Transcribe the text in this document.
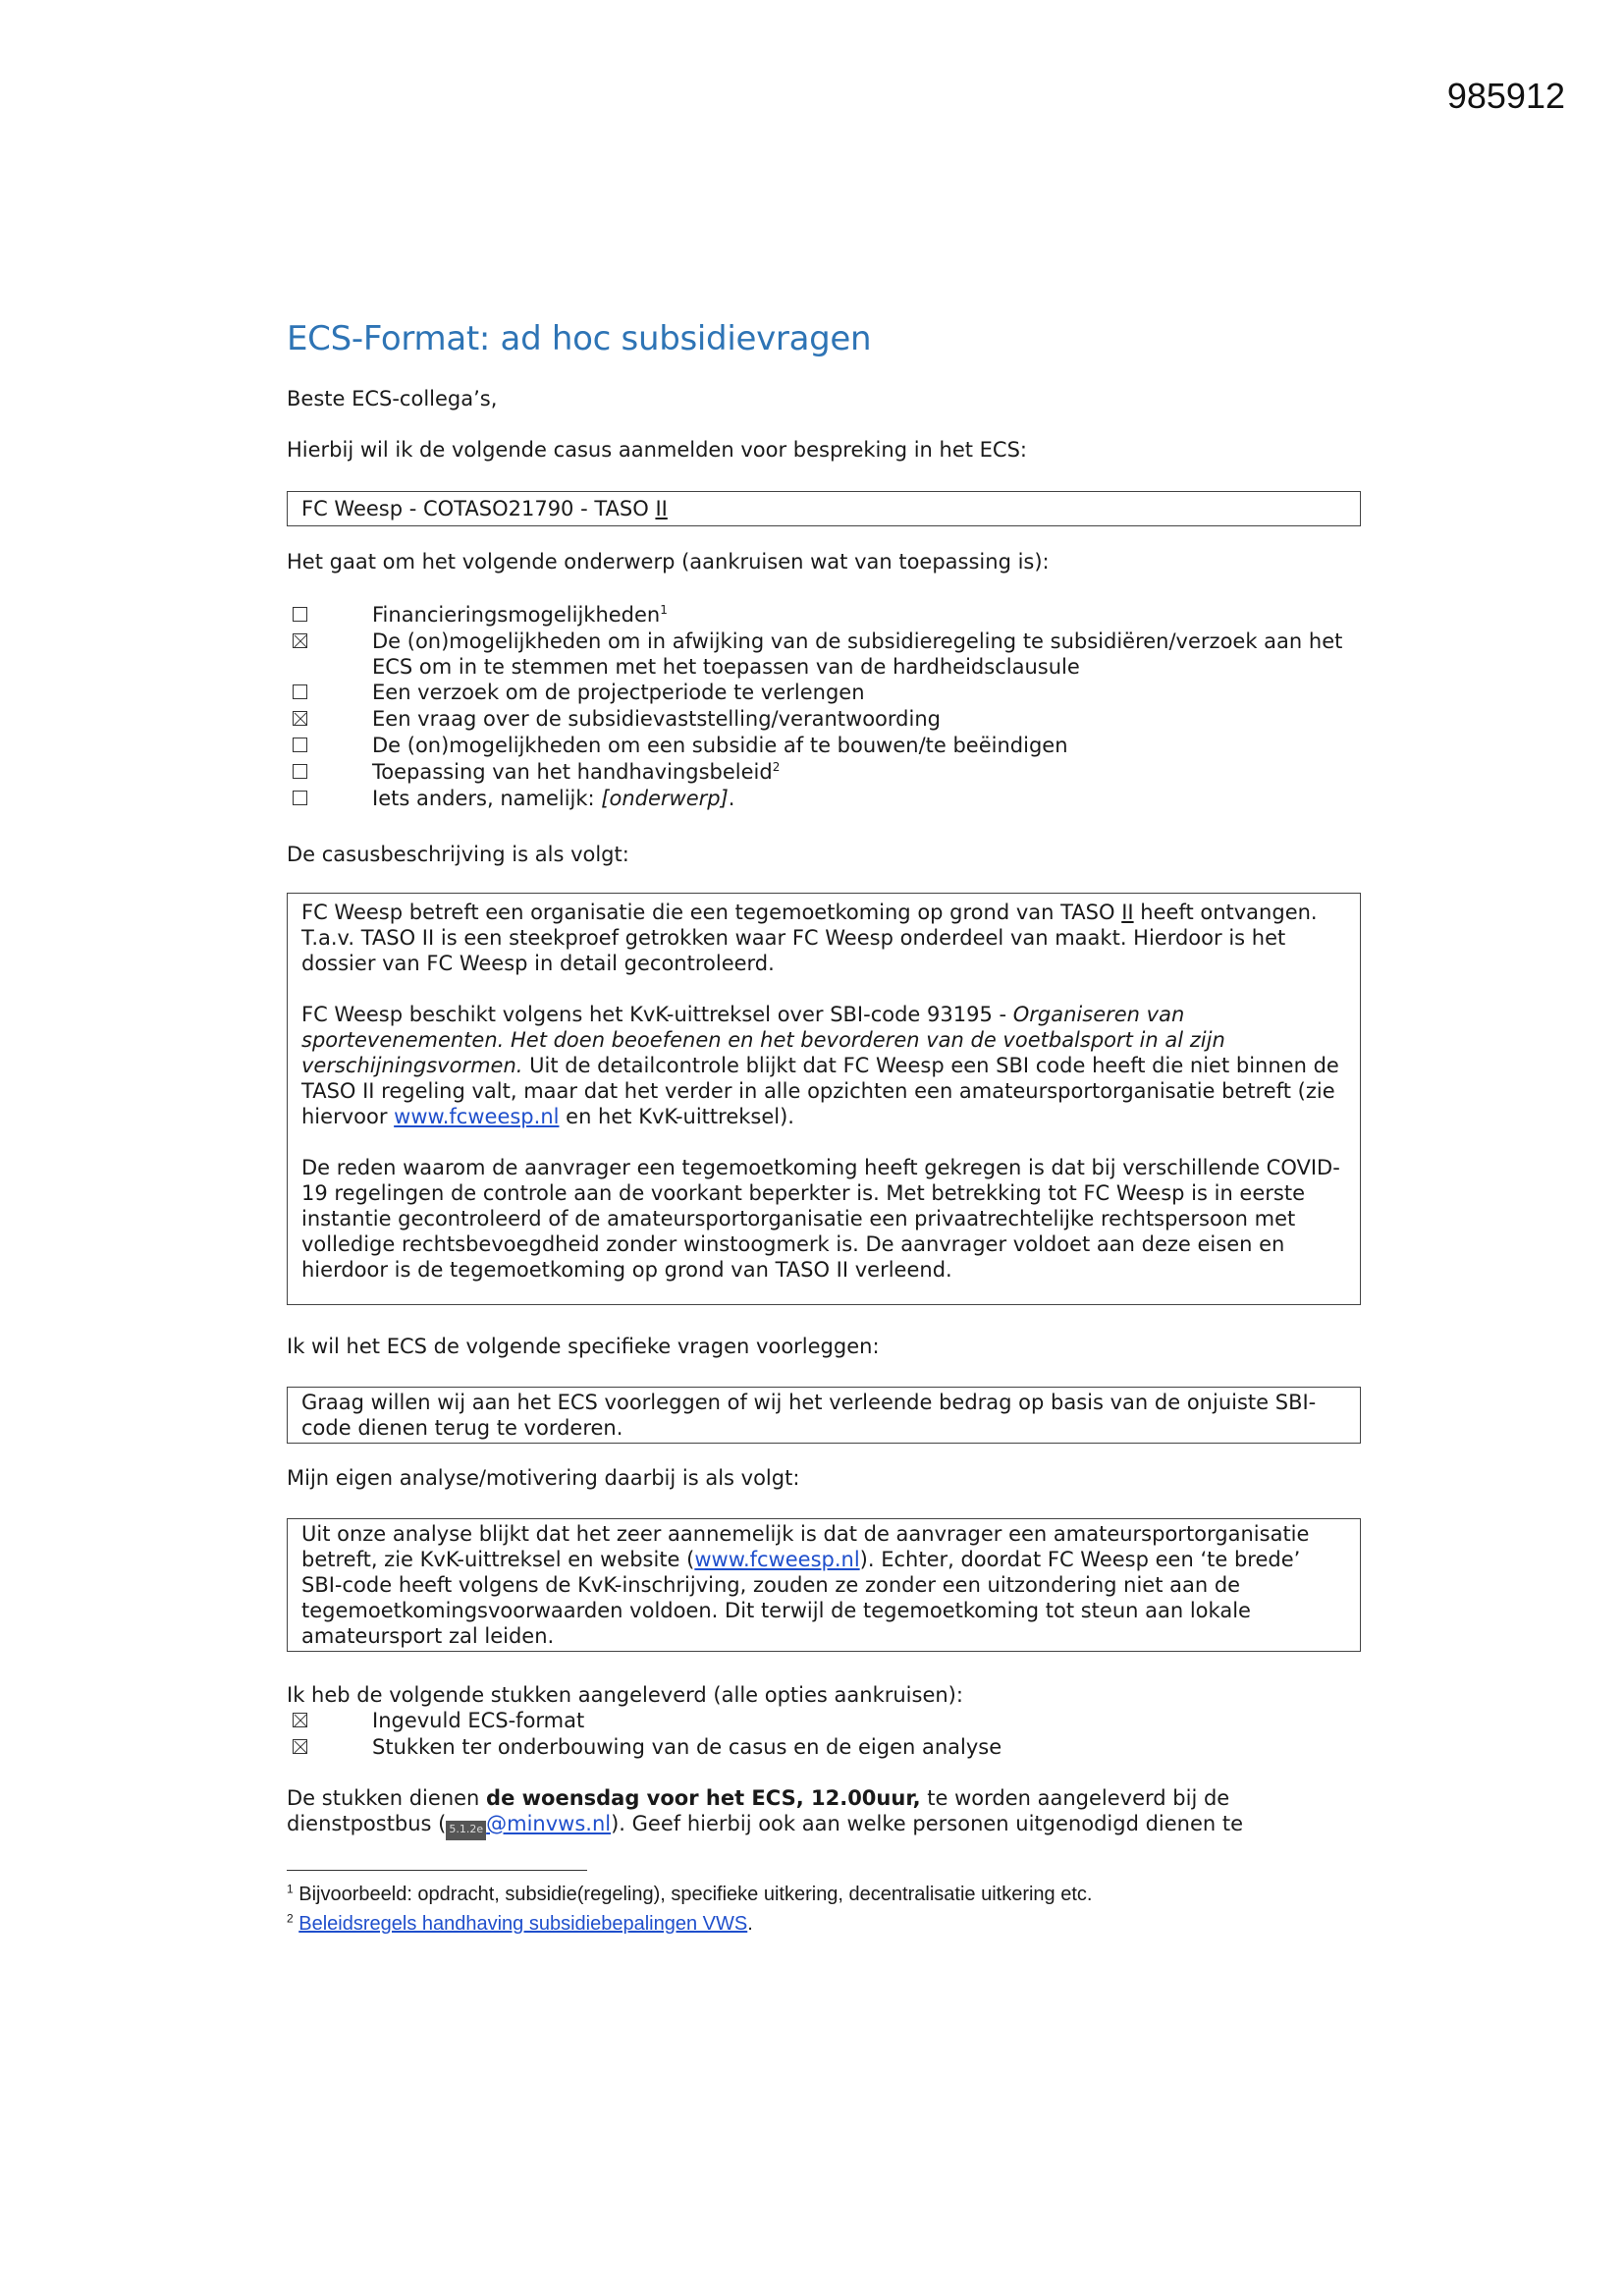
985912
ECS-Format: ad hoc subsidievragen
Beste ECS-collega’s,
Hierbij wil ik de volgende casus aanmelden voor bespreking in het ECS:
FC Weesp - COTASO21790 - TASO II
Het gaat om het volgende onderwerp (aankruisen wat van toepassing is):
Financieringsmogelijkheden$^1$
De (on)mogelijkheden om in afwijking van de subsidieregeling te subsidiëren/verzoek aan het ECS om in te stemmen met het toepassen van de hardheidsclausule
Een verzoek om de projectperiode te verlengen
Een vraag over de subsidievaststelling/verantwoording
De (on)mogelijkheden om een subsidie af te bouwen/te beëindigen
Toepassing van het handhavingsbeleid$^2$
Iets anders, namelijk: [onderwerp].
De casusbeschrijving is als volgt:

FC Weesp betreft een organisatie die een tegemoetkoming op grond van TASO II heeft ontvangen. T.a.v. TASO II is een steekproef getrokken waar FC Weesp onderdeel van maakt. Hierdoor is het dossier van FC Weesp in detail gecontroleerd.

FC Weesp beschikt volgens het KvK-uittreksel over SBI-code 93195 - Organiseren van sportevenementen. Het doen beoefenen en het bevorderen van de voetbalsport in al zijn verschijningsvormen. Uit de detailcontrole blijkt dat FC Weesp een SBI code heeft die niet binnen de TASO II regeling valt, maar dat het verder in alle opzichten een amateursportorganisatie betreft (zie hiervoor www.fcweesp.nl en het KvK-uittreksel).

De reden waarom de aanvrager een tegemoetkoming heeft gekregen is dat bij verschillende COVID-19 regelingen de controle aan de voorkant beperkter is. Met betrekking tot FC Weesp is in eerste instantie gecontroleerd of de amateursportorganisatie een privaatrechtelijke rechtspersoon met volledige rechtsbevoegdheid zonder winstoogmerk is. De aanvrager voldoet aan deze eisen en hierdoor is de tegemoetkoming op grond van TASO II verleend.

Ik wil het ECS de volgende specifieke vragen voorleggen:

Graag willen wij aan het ECS voorleggen of wij het verleende bedrag op basis van de onjuiste SBI-code dienen terug te vorderen.

Mijn eigen analyse/motivering daarbij is als volgt:

Uit onze analyse blijkt dat het zeer aannemelijk is dat de aanvrager een amateursportorganisatie betreft, zie KvK-uittreksel en website (www.fcweesp.nl). Echter, doordat FC Weesp een ‘te brede’ SBI-code heeft volgens de KvK-inschrijving, zouden ze zonder een uitzondering niet aan de tegemoetkomingsvoorwaarden voldoen. Dit terwijl de tegemoetkoming tot steun aan lokale amateursport zal leiden.

Ik heb de volgende stukken aangeleverd (alle opties aankruisen):
Ingevuld ECS-format
Stukken ter onderbouwing van de casus en de eigen analyse
De stukken dienen de woensdag voor het ECS, 12.00uur, te worden aangeleverd bij de dienstpostbus ( 5.1.2e @minvws.nl). Geef hierbij ook aan welke personen uitgenodigd dienen te
$^1$ Bijvoorbeeld: opdracht, subsidie(regeling), specifieke uitkering, decentralisatie uitkering etc.
$^2$ Beleidsregels handhaving subsidiebepalingen VWS.
